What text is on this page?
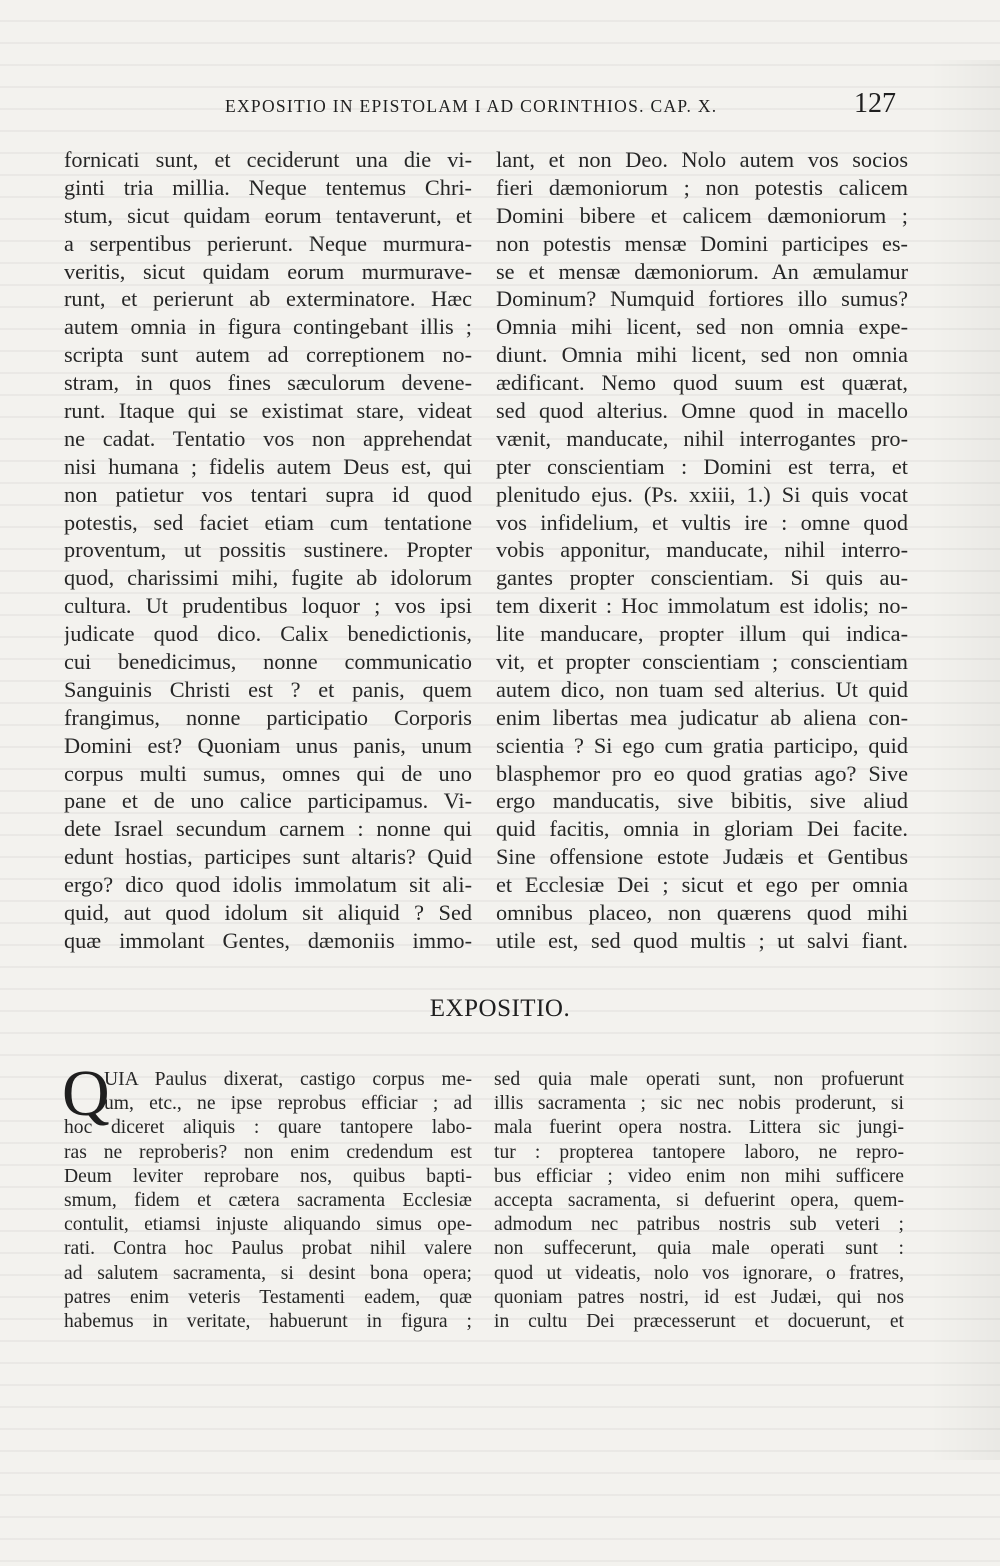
EXPOSITIO IN EPISTOLAM I AD CORINTHIOS. CAP. X.	127
fornicati sunt, et ceciderunt una die vi-
ginti tria millia. Neque tentemus Chri-
stum, sicut quidam eorum tentaverunt, et
a serpentibus perierunt. Neque murmura-
veritis, sicut quidam eorum murmurave-
runt, et perierunt ab exterminatore. Hæc
autem omnia in figura contingebant illis ;
scripta sunt autem ad correptionem no-
stram, in quos fines sæculorum devene-
runt. Itaque qui se existimat stare, videat
ne cadat. Tentatio vos non apprehendat
nisi humana ; fidelis autem Deus est, qui
non patietur vos tentari supra id quod
potestis, sed faciet etiam cum tentatione
proventum, ut possitis sustinere. Propter
quod, charissimi mihi, fugite ab idolorum
cultura. Ut prudentibus loquor ; vos ipsi
judicate quod dico. Calix benedictionis,
cui benedicimus, nonne communicatio
Sanguinis Christi est ? et panis, quem
frangimus, nonne participatio Corporis
Domini est? Quoniam unus panis, unum
corpus multi sumus, omnes qui de uno
pane et de uno calice participamus. Vi-
dete Israel secundum carnem : nonne qui
edunt hostias, participes sunt altaris? Quid
ergo? dico quod idolis immolatum sit ali-
quid, aut quod idolum sit aliquid ? Sed
quæ immolant Gentes, dæmoniis immo-
lant, et non Deo. Nolo autem vos socios
fieri dæmoniorum ; non potestis calicem
Domini bibere et calicem dæmoniorum ;
non potestis mensæ Domini participes es-
se et mensæ dæmoniorum. An æmulamur
Dominum? Numquid fortiores illo sumus?
Omnia mihi licent, sed non omnia expe-
diunt. Omnia mihi licent, sed non omnia
ædificant. Nemo quod suum est quærat,
sed quod alterius. Omne quod in macello
vænit, manducate, nihil interrogantes pro-
pter conscientiam : Domini est terra, et
plenitudo ejus. (Ps. xxiii, 1.) Si quis vocat
vos infidelium, et vultis ire : omne quod
vobis apponitur, manducate, nihil interro-
gantes propter conscientiam. Si quis au-
tem dixerit : Hoc immolatum est idolis; no-
lite manducare, propter illum qui indica-
vit, et propter conscientiam ; conscientiam
autem dico, non tuam sed alterius. Ut quid
enim libertas mea judicatur ab aliena con-
scientia ? Si ego cum gratia participo, quid
blasphemor pro eo quod gratias ago? Sive
ergo manducatis, sive bibitis, sive aliud
quid facitis, omnia in gloriam Dei facite.
Sine offensione estote Judæis et Gentibus
et Ecclesiæ Dei ; sicut et ego per omnia
omnibus placeo, non quærens quod mihi
utile est, sed quod multis ; ut salvi fiant.
EXPOSITIO.
Q
UIA Paulus dixerat, castigo corpus me-
um, etc., ne ipse reprobus efficiar ; ad
hoc diceret aliquis : quare tantopere labo-
ras ne reproberis? non enim credendum est
Deum leviter reprobare nos, quibus bapti-
smum, fidem et cætera sacramenta Ecclesiæ
contulit, etiamsi injuste aliquando simus ope-
rati. Contra hoc Paulus probat nihil valere
ad salutem sacramenta, si desint bona opera;
patres enim veteris Testamenti eadem, quæ
habemus in veritate, habuerunt in figura ;
sed quia male operati sunt, non profuerunt
illis sacramenta ; sic nec nobis proderunt, si
mala fuerint opera nostra. Littera sic jungi-
tur : propterea tantopere laboro, ne repro-
bus efficiar ; video enim non mihi sufficere
accepta sacramenta, si defuerint opera, quem-
admodum nec patribus nostris sub veteri ;
non suffecerunt, quia male operati sunt :
quod ut videatis, nolo vos ignorare, o fratres,
quoniam patres nostri, id est Judæi, qui nos
in cultu Dei præcesserunt et docuerunt, et
